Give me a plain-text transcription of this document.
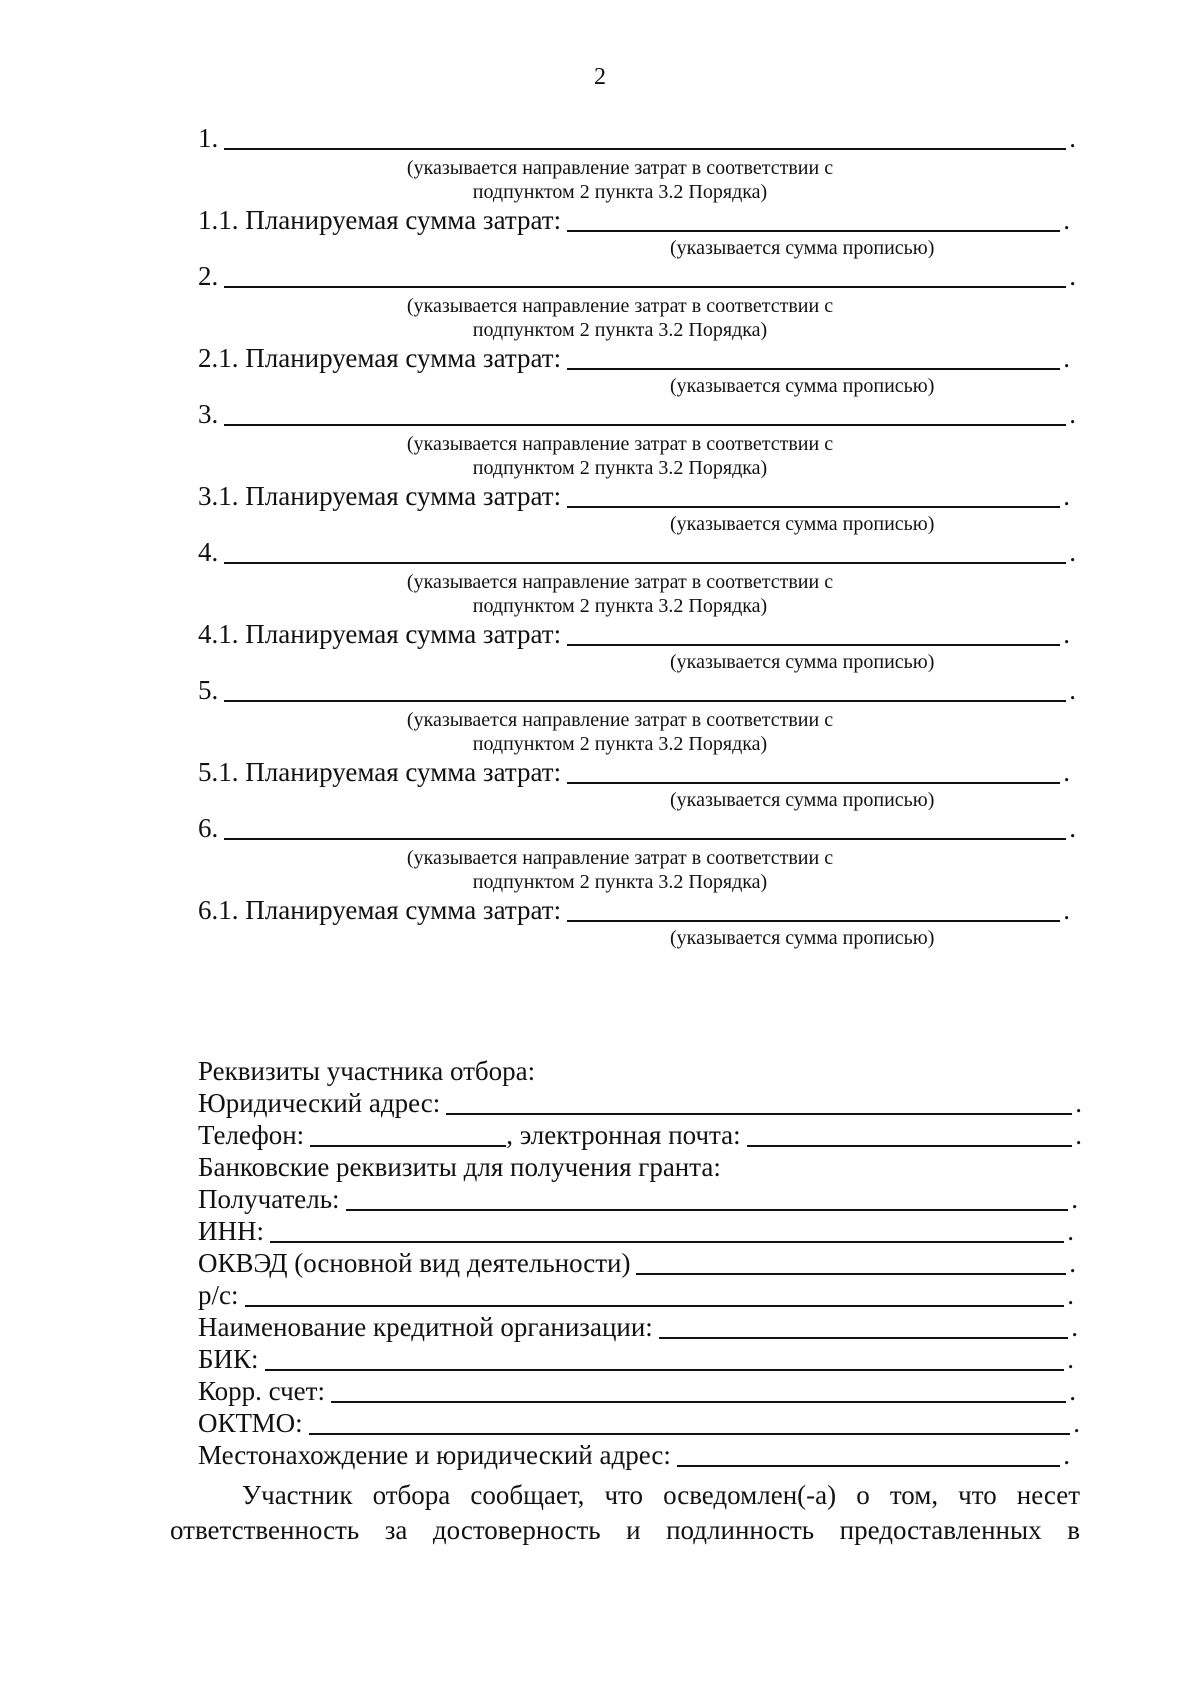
2
1.	.
(указывается направление затрат в соответствии с
подпунктом 2 пункта 3.2 Порядка)
1.1. Планируемая сумма затрат:	.
(указывается сумма прописью)
2.	.
(указывается направление затрат в соответствии с
подпунктом 2 пункта 3.2 Порядка)
2.1. Планируемая сумма затрат:	.
(указывается сумма прописью)
3.	.
(указывается направление затрат в соответствии с
подпунктом 2 пункта 3.2 Порядка)
3.1. Планируемая сумма затрат:	.
(указывается сумма прописью)
4.	.
(указывается направление затрат в соответствии с
подпунктом 2 пункта 3.2 Порядка)
4.1. Планируемая сумма затрат:	.
(указывается сумма прописью)
5.	.
(указывается направление затрат в соответствии с
подпунктом 2 пункта 3.2 Порядка)
5.1. Планируемая сумма затрат:	.
(указывается сумма прописью)
6.	.
(указывается направление затрат в соответствии с
подпунктом 2 пункта 3.2 Порядка)
6.1. Планируемая сумма затрат:	.
(указывается сумма прописью)
Реквизиты участника отбора:
Юридический адрес:	.
Телефон:	, электронная почта:	.
Банковские реквизиты для получения гранта:
Получатель:	.
ИНН:	.
ОКВЭД (основной вид деятельности)	.
р/с:	.
Наименование кредитной организации:	.
БИК:	.
Корр. счет:	.
ОКТМО:	.
Местонахождение и юридический адрес:	.
Участник отбора сообщает, что осведомлен(-а) о том, что несет
ответственность за достоверность и подлинность предоставленных в
